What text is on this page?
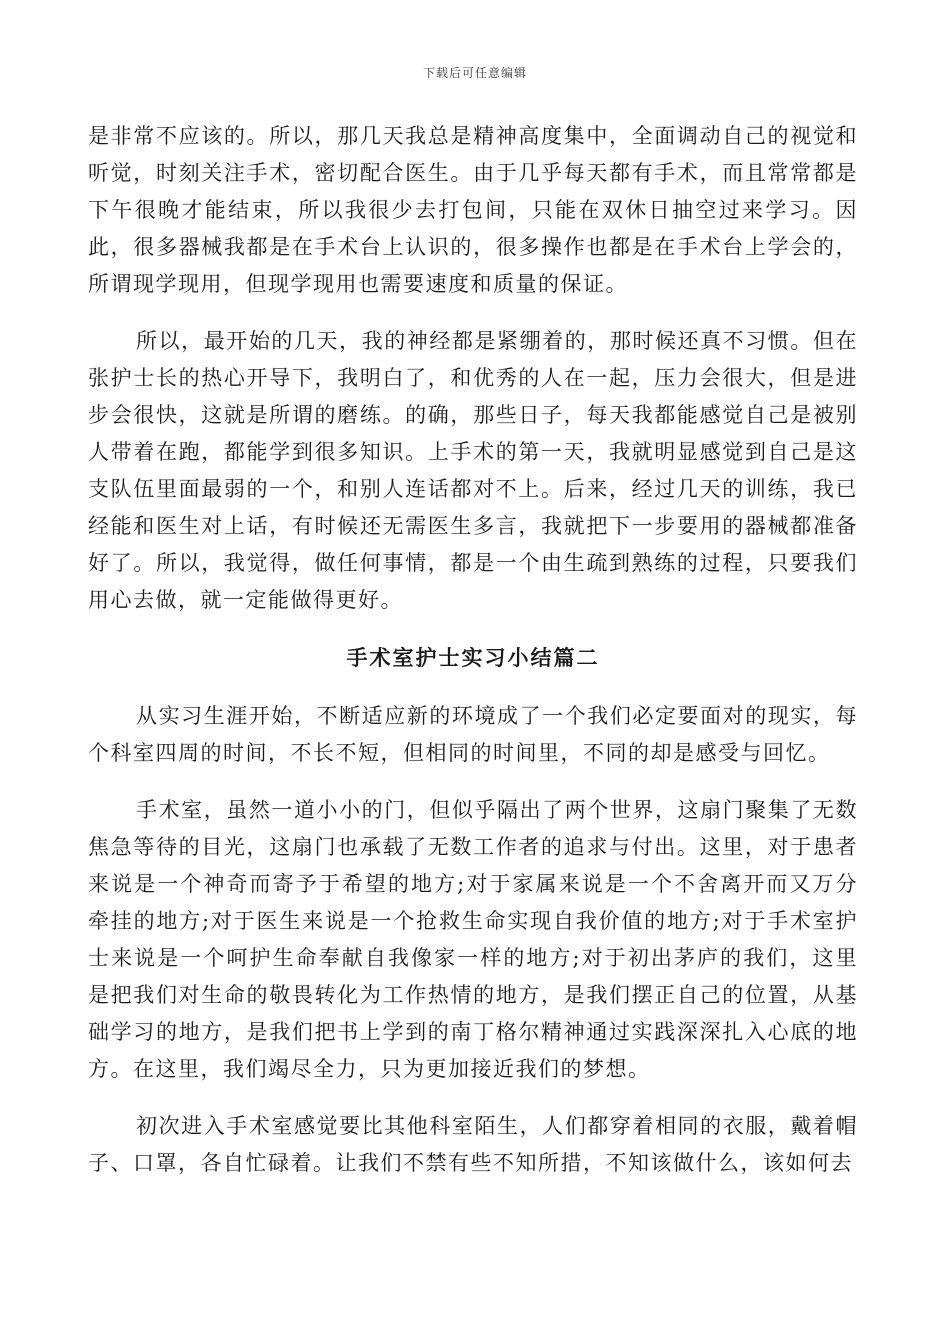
下载后可任意编辑

是非常不应该的。所以，那几天我总是精神高度集中，全面调动自己的视觉和听觉，时刻关注手术，密切配合医生。由于几乎每天都有手术，而且常常都是下午很晚才能结束，所以我很少去打包间，只能在双休日抽空过来学习。因此，很多器械我都是在手术台上认识的，很多操作也都是在手术台上学会的，所谓现学现用，但现学现用也需要速度和质量的保证。

所以，最开始的几天，我的神经都是紧绷着的，那时候还真不习惯。但在张护士长的热心开导下，我明白了，和优秀的人在一起，压力会很大，但是进步会很快，这就是所谓的磨练。的确，那些日子，每天我都能感觉自己是被别人带着在跑，都能学到很多知识。上手术的第一天，我就明显感觉到自己是这支队伍里面最弱的一个，和别人连话都对不上。后来，经过几天的训练，我已经能和医生对上话，有时候还无需医生多言，我就把下一步要用的器械都准备好了。所以，我觉得，做任何事情，都是一个由生疏到熟练的过程，只要我们用心去做，就一定能做得更好。

手术室护士实习小结篇二

从实习生涯开始，不断适应新的环境成了一个我们必定要面对的现实，每个科室四周的时间，不长不短，但相同的时间里，不同的却是感受与回忆。

手术室，虽然一道小小的门，但似乎隔出了两个世界，这扇门聚集了无数焦急等待的目光，这扇门也承载了无数工作者的追求与付出。这里，对于患者来说是一个神奇而寄予于希望的地方;对于家属来说是一个不舍离开而又万分牵挂的地方;对于医生来说是一个抢救生命实现自我价值的地方;对于手术室护士来说是一个呵护生命奉献自我像家一样的地方;对于初出茅庐的我们，这里是把我们对生命的敬畏转化为工作热情的地方，是我们摆正自己的位置，从基础学习的地方，是我们把书上学到的南丁格尔精神通过实践深深扎入心底的地方。在这里，我们竭尽全力，只为更加接近我们的梦想。

初次进入手术室感觉要比其他科室陌生，人们都穿着相同的衣服，戴着帽子、口罩，各自忙碌着。让我们不禁有些不知所措，不知该做什么，该如何去
